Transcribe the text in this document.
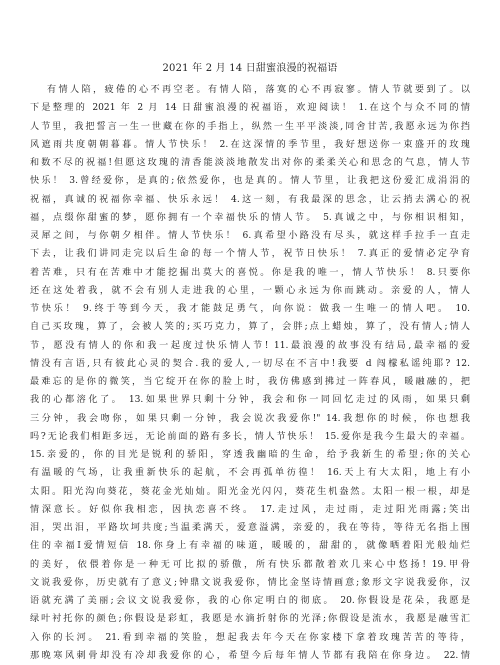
2021 年 2 月 14 日甜蜜浪漫的祝福语
有情人陪，疲倦的心不再空老。有情人陪，落寞的心不再寂寥。情人节就要到了。以
下是整理的 2021 年 2 月 14 日甜蜜浪漫的祝福语，欢迎阅读！ 1.在这个与众不同的情
人节里，我把誓言一生一世藏在你的手指上，纵然一生平平淡淡,同舍甘苦,我愿永远为你挡
风遮雨共度朝朝暮暮。情人节快乐！ 2.在这深情的季节里，我好想送你一束盛开的玫瑰
和数不尽的祝福!但愿这玫瑰的清香能淡淡地散发出对你的柔柔关心和思念的气息，情人节
快乐！ 3.曾经爱你，是真的;依然爱你，也是真的。情人节里，让我把这份爱汇成涓涓的
祝福，真诚的祝福你幸福、快乐永远！ 4.这一刻，有我最深的思念，让云捎去满心的祝
福，点缀你甜蜜的梦，愿你拥有一个幸福快乐的情人节。 5.真诚之中，与你相识相知，
灵犀之间，与你朝夕相伴。情人节快乐！ 6.真希望小路没有尽头，就这样手拉手一直走
下去，让我们讲同走完以后生命的每一个情人节，祝节日快乐！ 7.真正的爱情必定孕育
着苦难，只有在苦难中才能挖掘出莫大的喜悦。你是我的唯一，情人节快乐！ 8.只要你
还在这处着我，就不会有别人走进我的心里，一颗心永远为你而跳动。亲爱的人，情人
节快乐！ 9.终于等到今天，我才能鼓足勇气，向你说：做我一生唯一的情人吧。 10.
自己买玫瑰，算了，会被人笑的;买巧克力，算了，会胖;点上蜡烛，算了，没有情人;情人
节，愿没有情人的你和我一起度过快乐情人节! 11.最浪漫的故事没有结局,最幸福的爱
情没有言语,只有彼此心灵的契合.我的爱人,一切尽在不言中!我要 d 闯檬私谣纯耶? 12.
最难忘的是你的微笑，当它绽开在你的脸上时，我仿佛感到拂过一阵春风，暖融融的，把
我的心都溶化了。 13.如果世界只剩十分钟，我会和你一同回忆走过的风雨，如果只剩
三分钟，我会吻你，如果只剩一分钟，我会说次我爱你!" 14.我想你的时候，你也想我
吗?无论我们相距多远，无论前面的路有多长，情人节快乐！ 15.爱你是我今生最大的幸福。
15.亲爱的，你的目光是锐利的骄阳，穿透我幽暗的生命，给予我新生的希望;你的关心
有温暖的气场，让我重新快乐的起航，不会再孤单彷徨！ 16.天上有大太阳，地上有小
太阳。阳光沟向葵花，葵花金光灿灿。阳光金光闪闪，葵花生机盎然。太阳一根一根，却是
情深意长。好似你我相恋，因执恋喜不终。 17.走过风，走过雨，走过阳光雨露;笑出
泪，哭出泪，平路坎坷共度;当温柔满天，爱意溢满，亲爱的，我在等待，等待无名指上围
住的幸福I爱情短信 18.你身上有幸福的味道，暖暖的，甜甜的，就像晒着阳光般灿烂
的美好，依偎着你是一种无可比拟的骄傲，所有快乐都散着欢几来心中悠扬! 19.甲骨
文说我爱你，历史就有了意义;钟鼎文说我爱你，情比金坚诗情画意;象形文字说我爱你，汉
语就充满了美丽;会议文说我爱你，我的心你定明白的彻底。 20.你假设是花朵，我愿是
绿叶衬托你的颜色;你假设是彩虹，我愿是水滴折射你的光泽;你假设是流水，我愿是融雪汇
入你的长河。 21.看到幸福的笑脸，想起我去年今天在你家楼下拿着玫瑰苦苦的等待，
那晚寒风刺骨却没有冷却我爱你的心，希望今后每年情人节都有我陪在你身边。 22.情
